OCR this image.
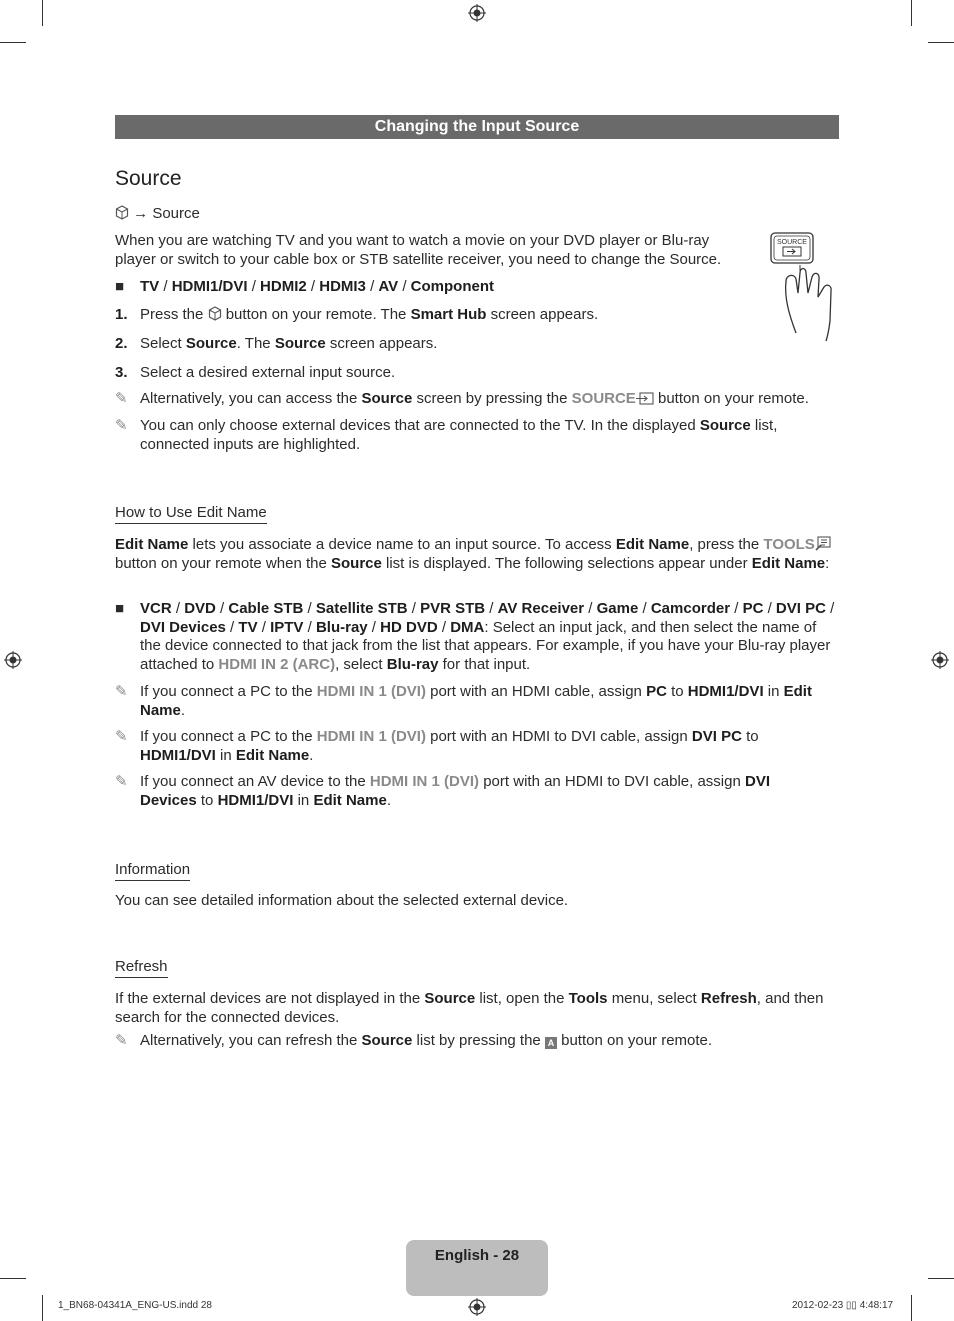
Changing the Input Source
Source
→ Source
When you are watching TV and you want to watch a movie on your DVD player or Blu-ray player or switch to your cable box or STB satellite receiver, you need to change the Source.
SOURCE
■ TV / HDMI1/DVI / HDMI2 / HDMI3 / AV / Component
1. Press the button on your remote. The Smart Hub screen appears.
2. Select Source. The Source screen appears.
3. Select a desired external input source.
✎ Alternatively, you can access the Source screen by pressing the SOURCE button on your remote.
✎ You can only choose external devices that are connected to the TV. In the displayed Source list, connected inputs are highlighted.
How to Use Edit Name
Edit Name lets you associate a device name to an input source. To access Edit Name, press the TOOLS button on your remote when the Source list is displayed. The following selections appear under Edit Name:
■ VCR / DVD / Cable STB / Satellite STB / PVR STB / AV Receiver / Game / Camcorder / PC / DVI PC / DVI Devices / TV / IPTV / Blu-ray / HD DVD / DMA: Select an input jack, and then select the name of the device connected to that jack from the list that appears. For example, if you have your Blu-ray player attached to HDMI IN 2 (ARC), select Blu-ray for that input.
✎ If you connect a PC to the HDMI IN 1 (DVI) port with an HDMI cable, assign PC to HDMI1/DVI in Edit Name.
✎ If you connect a PC to the HDMI IN 1 (DVI) port with an HDMI to DVI cable, assign DVI PC to HDMI1/DVI in Edit Name.
✎ If you connect an AV device to the HDMI IN 1 (DVI) port with an HDMI to DVI cable, assign DVI Devices to HDMI1/DVI in Edit Name.
Information
You can see detailed information about the selected external device.
Refresh
If the external devices are not displayed in the Source list, open the Tools menu, select Refresh, and then search for the connected devices.
✎ Alternatively, you can refresh the Source list by pressing the A button on your remote.
English - 28
1_BN68-04341A_ENG-US.indd 28	2012-02-23 ▯▯ 4:48:17
